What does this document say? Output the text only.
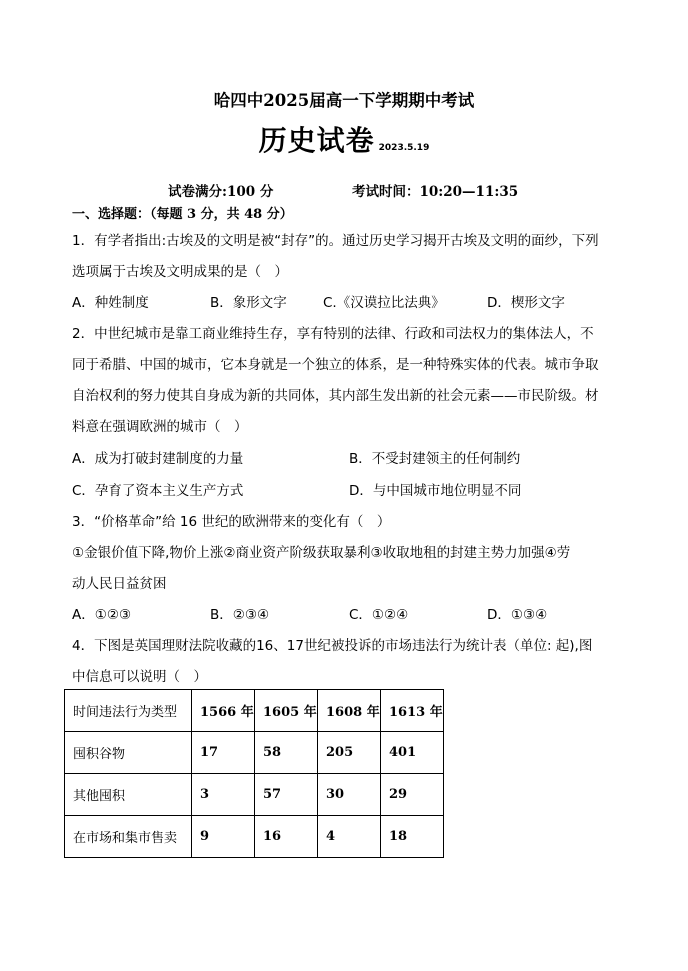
哈四中2025届高一下学期期中考试
历史试卷 2023.5.19
试卷满分:100 分	考试时间：10:20—11:35
一、选择题：（每题 3 分，共 48 分）
1．有学者指出:古埃及的文明是被“封存”的。通过历史学习揭开古埃及文明的面纱，下列
选项属于古埃及文明成果的是（　）
A．种姓制度	B．象形文字	C.《汉谟拉比法典》	D．楔形文字
2．中世纪城市是靠工商业维持生存，享有特别的法律、行政和司法权力的集体法人，不
同于希腊、中国的城市，它本身就是一个独立的体系，是一种特殊实体的代表。城市争取
自治权利的努力使其自身成为新的共同体，其内部生发出新的社会元素——市民阶级。材
料意在强调欧洲的城市（　）
A．成为打破封建制度的力量	B．不受封建领主的任何制约
C．孕育了资本主义生产方式	D．与中国城市地位明显不同
3．“价格革命”给 16 世纪的欧洲带来的变化有（　）
①金银价值下降,物价上涨②商业资产阶级获取暴利③收取地租的封建主势力加强④劳
动人民日益贫困
A．①②③	B．②③④	C．①②④	D．①③④
4．下图是英国理财法院收藏的16、17世纪被投诉的市场违法行为统计表（单位: 起),图
中信息可以说明（　）
时间违法行为类型	1566 年	1605 年	1608 年	1613 年
囤积谷物	17	58	205	401
其他囤积	3	57	30	29
在市场和集市售卖	9	16	4	18
